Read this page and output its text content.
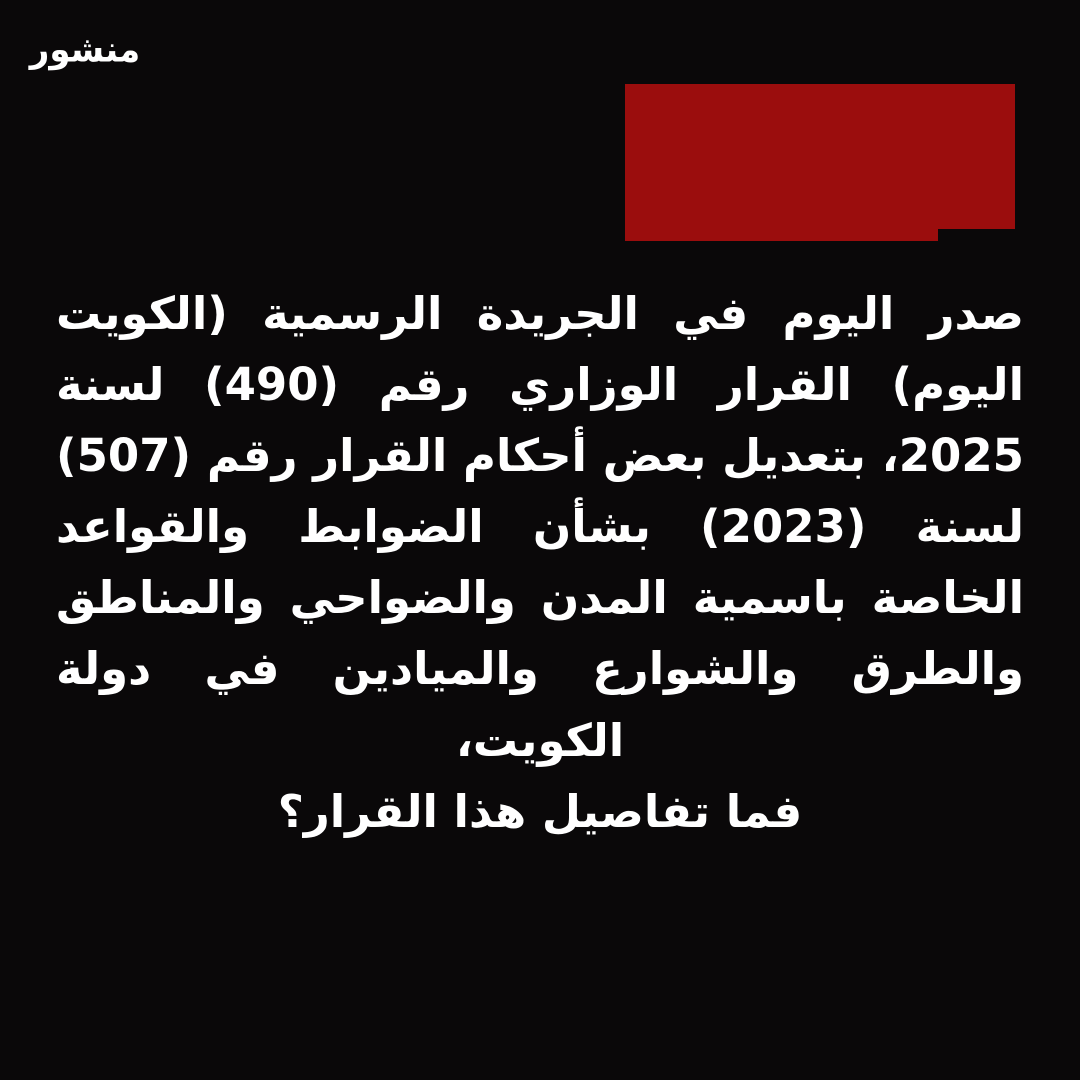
منشور
صدر اليوم في الجريدة الرسمية (الكويت اليوم) القرار الوزاري رقم (490) لسنة 2025، بتعديل بعض أحكام القرار رقم (507) لسنة (2023) بشأن الضوابط والقواعد الخاصة باسمية المدن والضواحي والمناطق والطرق والشوارع والميادين في دولة الكويت،
فما تفاصيل هذا القرار؟
